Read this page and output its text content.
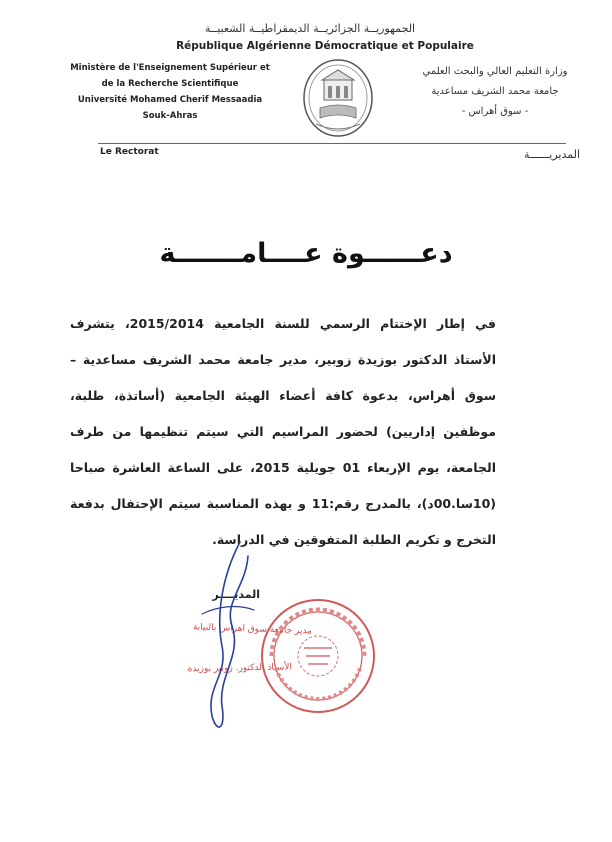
الجمهوريــة الجزائريــة الديمقراطيــة الشعبيــة
République Algérienne Démocratique et Populaire
Ministère de l'Enseignement Supérieur et
de la Recherche Scientifique
Université Mohamed Cherif Messaadia
Souk-Ahras
وزارة التعليم العالي والبحث العلمي
جامعة محمد الشريف مساعدية
- سوق أهراس -
Le Rectorat	المديريــــــة
دعــــــوة عــــامـــــــة
في إطار الإختتام الرسمي للسنة الجامعية 2015/2014، يتشرف الأستاذ الدكتور بوزيدة زوبير، مدير جامعة محمد الشريف مساعدية – سوق أهراس، بدعوة كافة أعضاء الهيئة الجامعية (أساتذة، طلبة، موظفين إداريين) لحضور المراسيم التي سيتم تنظيمها من طرف الجامعة، يوم الإربعاء 01 جويلية 2015، على الساعة العاشرة صباحا (10سا.00د)، بالمدرج رقم:11 و بهذه المناسبة سيتم الإحتفال بدفعة التخرج و تكريم الطلبة المتفوقين في الدراسة.
المديــــر
مدير جامعة سوق اهراس بالنيابة
الأستاذ الدكتور. زوبير بوزيدة
